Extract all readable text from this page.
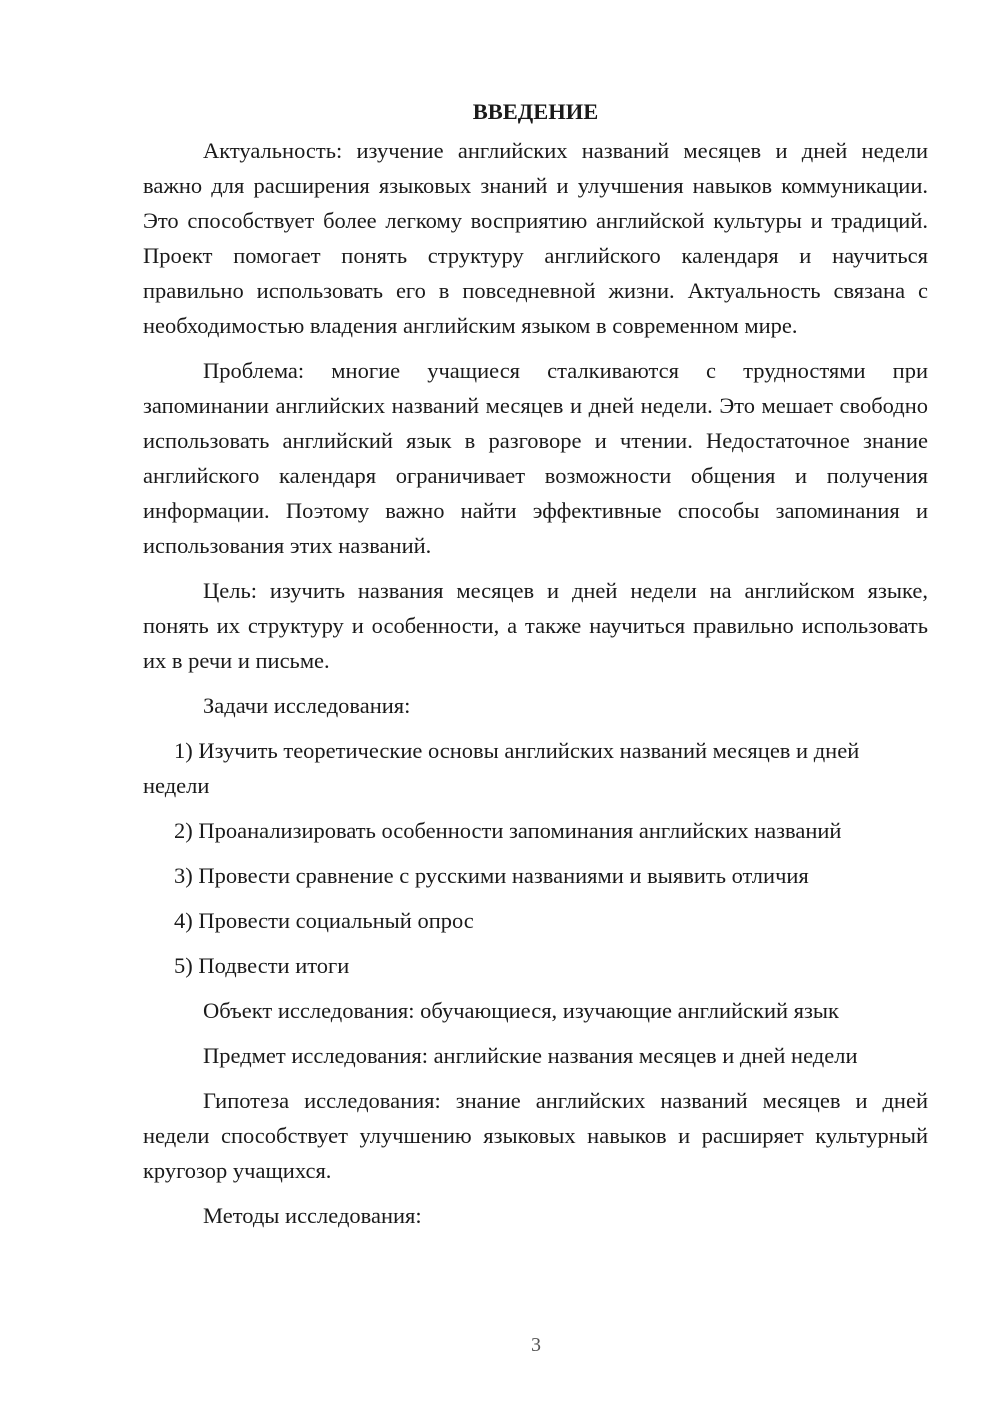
ВВЕДЕНИЕ

Актуальность: изучение английских названий месяцев и дней недели важно для расширения языковых знаний и улучшения навыков коммуникации. Это способствует более легкому восприятию английской культуры и традиций. Проект помогает понять структуру английского календаря и научиться правильно использовать его в повседневной жизни. Актуальность связана с необходимостью владения английским языком в современном мире.

Проблема: многие учащиеся сталкиваются с трудностями при запоминании английских названий месяцев и дней недели. Это мешает свободно использовать английский язык в разговоре и чтении. Недостаточное знание английского календаря ограничивает возможности общения и получения информации. Поэтому важно найти эффективные способы запоминания и использования этих названий.

Цель: изучить названия месяцев и дней недели на английском языке, понять их структуру и особенности, а также научиться правильно использовать их в речи и письме.

Задачи исследования:

1) Изучить теоретические основы английских названий месяцев и дней недели

2) Проанализировать особенности запоминания английских названий

3) Провести сравнение с русскими названиями и выявить отличия

4) Провести социальный опрос

5) Подвести итоги

Объект исследования: обучающиеся, изучающие английский язык

Предмет исследования: английские названия месяцев и дней недели

Гипотеза исследования: знание английских названий месяцев и дней недели способствует улучшению языковых навыков и расширяет культурный кругозор учащихся.

Методы исследования:

3
